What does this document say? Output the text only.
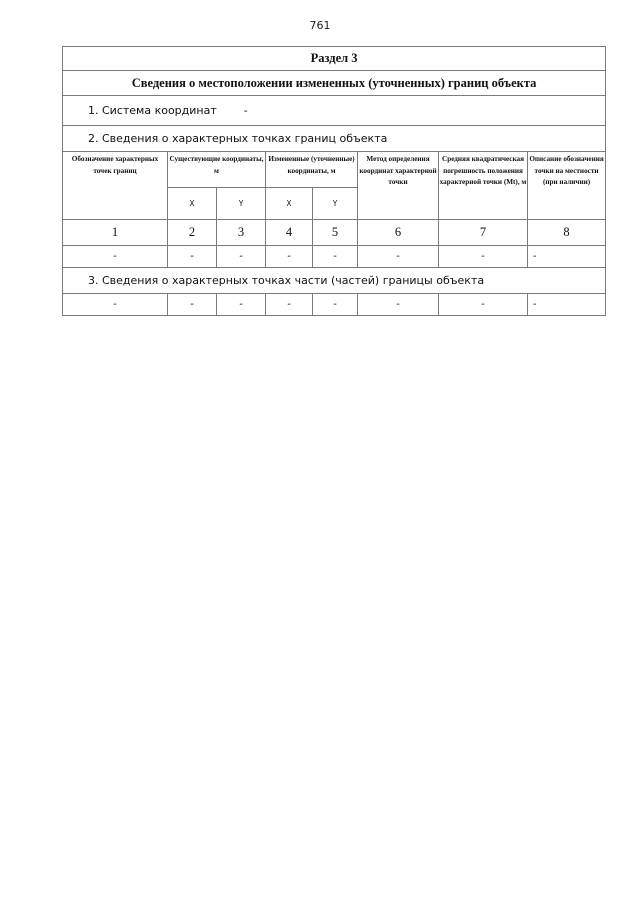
761
Раздел 3							
Сведения о местоположении измененных (уточненных) границ объекта							
1. Система координат -							
2. Сведения о характерных точках границ объекта							
Обозначение характерных точек границ	Существующие координаты, м		Измененные (уточненные) координаты, м		Метод определения координат характерной точки	Средняя квадратическая погрешность положения характерной точки (Mt), м	Описание обозначения точки на местности (при наличии)
	X	Y	X	Y			
1	2	3	4	5	6	7	8
-	-	-	-	-	-	-	-
3. Сведения о характерных точках части (частей) границы объекта							
-	-	-	-	-	-	-	-
